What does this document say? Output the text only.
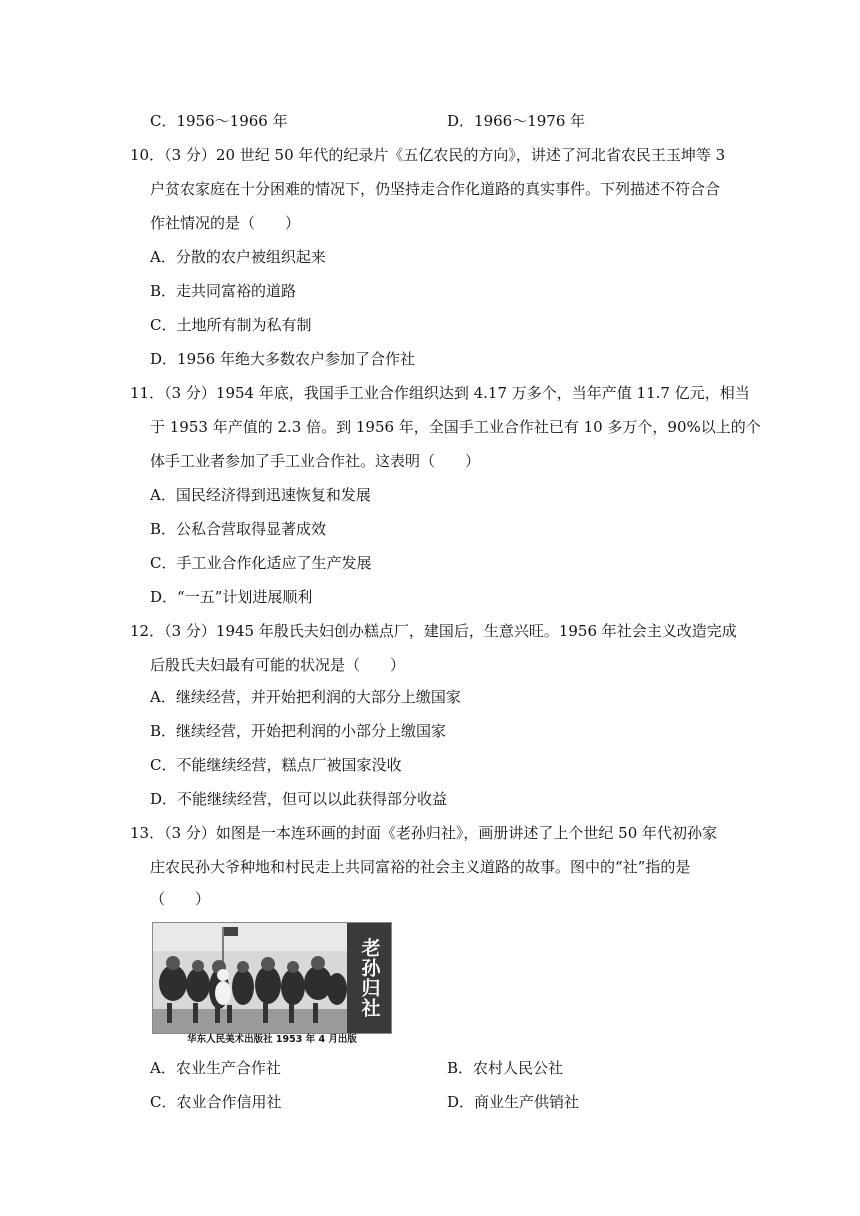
C．1956～1966 年	D．1966～1976 年
10．（3 分）20 世纪 50 年代的纪录片《五亿农民的方向》，讲述了河北省农民王玉坤等 3
户贫农家庭在十分困难的情况下，仍坚持走合作化道路的真实事件。下列描述不符合合
作社情况的是（　　）
A．分散的农户被组织起来
B．走共同富裕的道路
C．土地所有制为私有制
D．1956 年绝大多数农户参加了合作社
11．（3 分）1954 年底，我国手工业合作组织达到 4.17 万多个，当年产值 11.7 亿元，相当
于 1953 年产值的 2.3 倍。到 1956 年，全国手工业合作社已有 10 多万个，90%以上的个
体手工业者参加了手工业合作社。这表明（　　）
A．国民经济得到迅速恢复和发展
B．公私合营取得显著成效
C．手工业合作化适应了生产发展
D．“一五”计划进展顺利
12．（3 分）1945 年殷氏夫妇创办糕点厂，建国后，生意兴旺。1956 年社会主义改造完成
后殷氏夫妇最有可能的状况是（　　）
A．继续经营，并开始把利润的大部分上缴国家
B．继续经营，开始把利润的小部分上缴国家
C．不能继续经营，糕点厂被国家没收
D．不能继续经营，但可以以此获得部分收益
13．（3 分）如图是一本连环画的封面《老孙归社》，画册讲述了上个世纪 50 年代初孙家
庄农民孙大爷种地和村民走上共同富裕的社会主义道路的故事。图中的“社”指的是
（　　）
老孙归社
华东人民美术出版社 1953 年 4 月出版
A．农业生产合作社	B．农村人民公社
C．农业合作信用社	D．商业生产供销社
